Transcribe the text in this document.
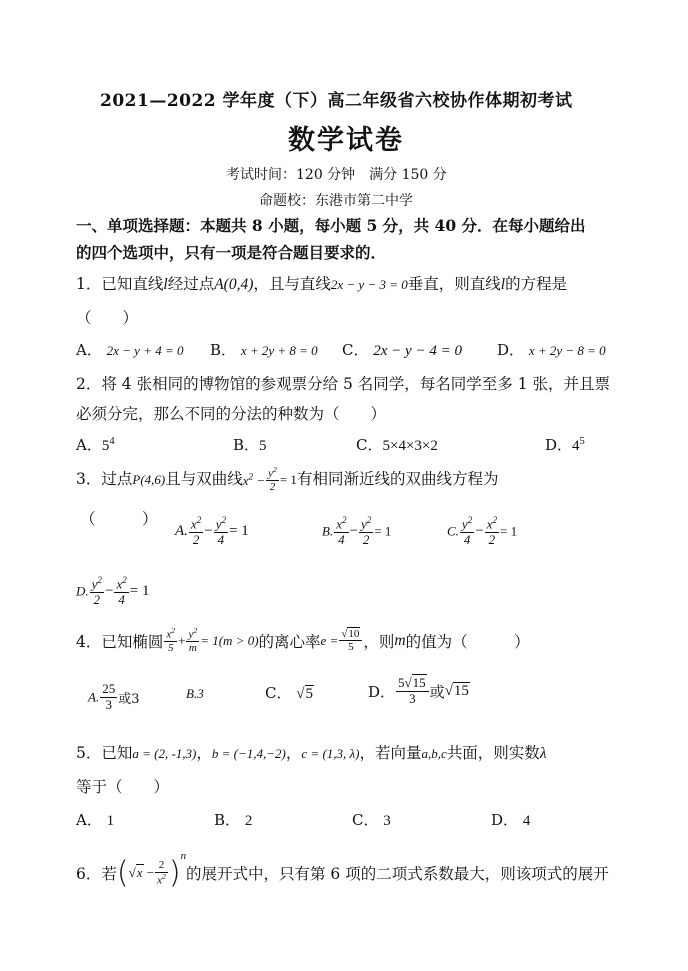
2021—2022 学年度（下）高二年级省六校协作体期初考试
数学试卷
考试时间：120 分钟　满分 150 分
命题校：东港市第二中学
一、单项选择题：本题共 8 小题，每小题 5 分，共 40 分．在每小题给出
的四个选项中，只有一项是符合题目要求的．
1．已知直线l经过点A(0,4)，且与直线2x − y − 3 = 0垂直，则直线l的方程是
（　　）
A． 2x − y + 4 = 0 B． x + 2y + 8 = 0 C． 2x − y − 4 = 0 D． x + 2y − 8 = 0
2．将 4 张相同的博物馆的参观票分给 5 名同学，每名同学至多 1 张，并且票
必须分完，那么不同的分法的种数为（　　）
A．$5^4$	B．5	C．5×4×3×2	D．$4^5$
3．过点P(4,6)且与双曲线$x^2 - \frac{y^2}{2} = 1$有相同渐近线的双曲线方程为
（　　　）
A. $\frac{x^2}{2} - \frac{y^2}{4} = 1$	B. $\frac{x^2}{4} - \frac{y^2}{2} = 1$	C. $\frac{y^2}{4} - \frac{x^2}{2} = 1$
D. $\frac{y^2}{2} - \frac{x^2}{4} = 1$
4．已知椭圆 $\frac{x^2}{5} + \frac{y^2}{m} = 1(m > 0)$的离心率$e = \frac{√10}{5}$ ，则m的值为（　　　）
A. $\frac{25}{3}$ 或3	B.3	C． √5	D． $\frac{5√15}{3}$ 或√15
5．已知a = (2, -1,3)，b = (−1,4,−2)，c = (1,3, λ)，若向量a,b,c共面，则实数λ
等于（　　）
A． 1	B． 2	C． 3	D． 4
6．若$(√x - \frac{2}{x^2} )^n$的展开式中，只有第 6 项的二项式系数最大，则该项式的展开
